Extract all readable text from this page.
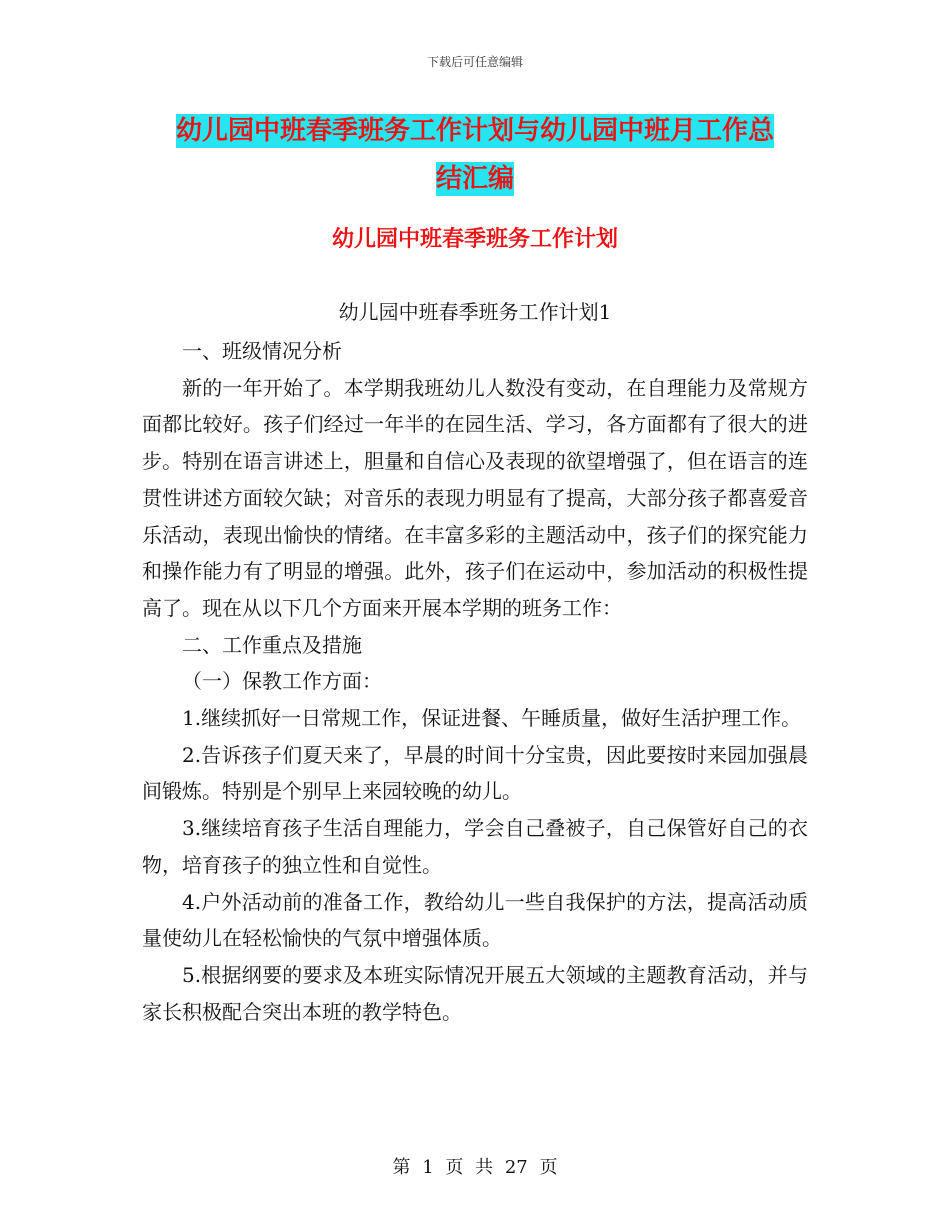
下载后可任意编辑
幼儿园中班春季班务工作计划与幼儿园中班月工作总
结汇编
幼儿园中班春季班务工作计划
幼儿园中班春季班务工作计划1

一、班级情况分析

新的一年开始了。本学期我班幼儿人数没有变动，在自理能力及常规方面都比较好。孩子们经过一年半的在园生活、学习，各方面都有了很大的进步。特别在语言讲述上，胆量和自信心及表现的欲望增强了，但在语言的连贯性讲述方面较欠缺；对音乐的表现力明显有了提高，大部分孩子都喜爱音乐活动，表现出愉快的情绪。在丰富多彩的主题活动中，孩子们的探究能力和操作能力有了明显的增强。此外，孩子们在运动中，参加活动的积极性提高了。现在从以下几个方面来开展本学期的班务工作：

二、工作重点及措施

（一）保教工作方面：

1.继续抓好一日常规工作，保证进餐、午睡质量，做好生活护理工作。

2.告诉孩子们夏天来了，早晨的时间十分宝贵，因此要按时来园加强晨间锻炼。特别是个别早上来园较晚的幼儿。

3.继续培育孩子生活自理能力，学会自己叠被子，自己保管好自己的衣物，培育孩子的独立性和自觉性。

4.户外活动前的准备工作，教给幼儿一些自我保护的方法，提高活动质量使幼儿在轻松愉快的气氛中增强体质。

5.根据纲要的要求及本班实际情况开展五大领域的主题教育活动，并与家长积极配合突出本班的教学特色。

第 1 页 共 27 页
